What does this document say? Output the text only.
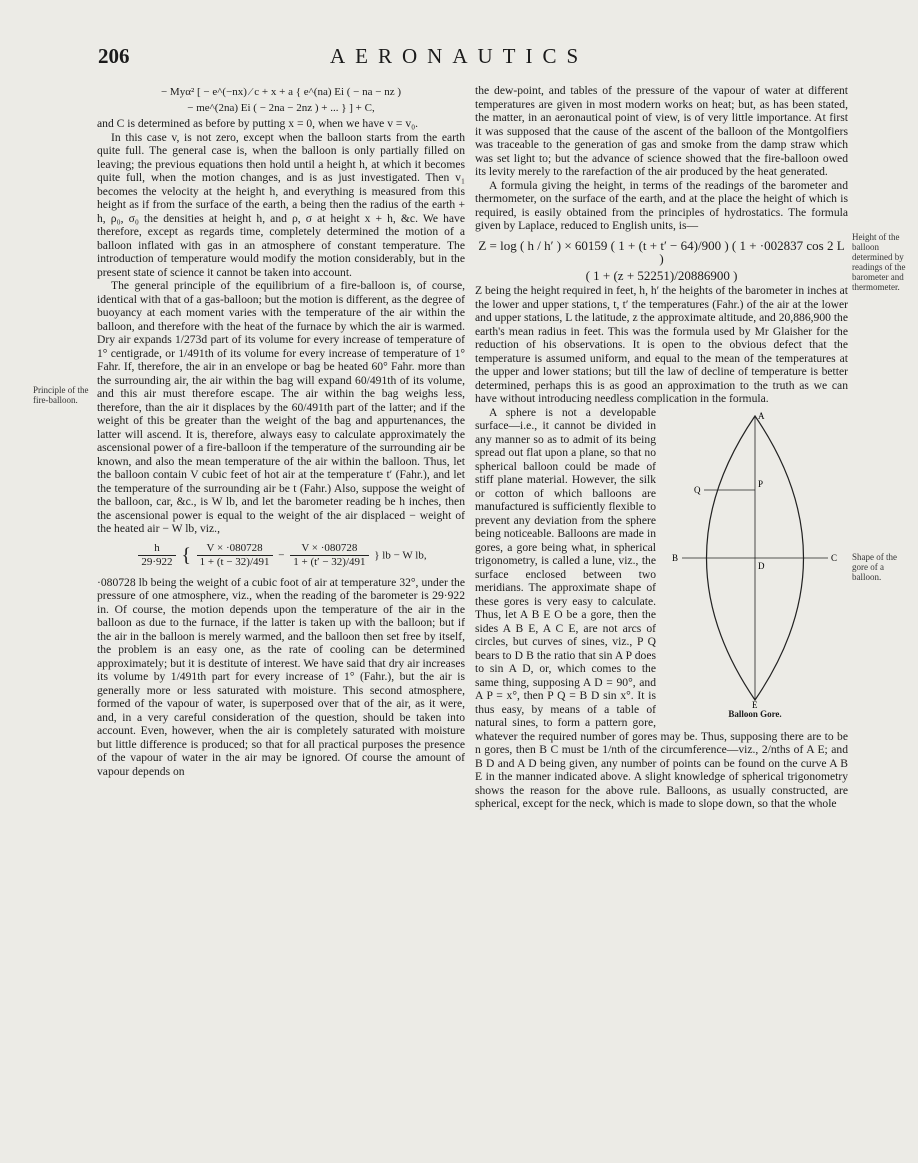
206	AERONAUTICS
− Myα² [ − e^(−nx) ⁄ c + x + a { e^(na) Ei ( − na − nz )
− me^(2na) Ei ( − 2na − 2nz ) + ... } ] + C,

and C is determined as before by putting x = 0, when we have v = v₀.

In this case v, is not zero, except when the balloon starts from the earth quite full. The general case is, when the balloon is only partially filled on leaving; the previous equations then hold until a height h, at which it becomes quite full, when the motion changes, and is as just investigated. Then v₁ becomes the velocity at the height h, and everything is measured from this height as if from the surface of the earth, a being then the radius of the earth + h, ρ₀, σ₀ the densities at height h, and ρ, σ at height x + h, &c. We have therefore, except as regards time, completely determined the motion of a balloon inflated with gas in an atmosphere of constant temperature. The introduction of temperature would modify the motion considerably, but in the present state of science it cannot be taken into account.

The general principle of the equilibrium of a fire-balloon is, of course, identical with that of a gas-balloon; but the motion is different, as the degree of buoyancy at each moment varies with the temperature of the air within the balloon, and therefore with the heat of the furnace by which the air is warmed. Dry air expands 1/273d part of its volume for every increase of temperature of 1° centigrade, or 1/491th of its volume for every increase of temperature of 1° Fahr. If, therefore, the air in an envelope or bag be heated 60° Fahr. more than the surrounding air, the air within the bag will expand 60/491th of its volume, and this air must therefore escape. The air within the bag weighs less, therefore, than the air it displaces by the 60/491th part of the latter; and if the weight of this be greater than the weight of the bag and appurtenances, the latter will ascend. It is, therefore, always easy to calculate approximately the ascensional power of a fire-balloon if the temperature of the surrounding air be known, and also the mean temperature of the air within the balloon. Thus, let the balloon contain V cubic feet of hot air at the temperature t′ (Fahr.), and let the temperature of the surrounding air be t (Fahr.) Also, suppose the weight of the balloon, car, &c., is W lb, and let the barometer reading be h inches, then the ascensional power is equal to the weight of the air displaced − weight of the heated air − W lb, viz.,

$\frac{h}{29\cdot 922}$ { $\frac{V \times \cdot 080728}{1 + (t - 32)/491} - \frac{V \times \cdot 080728}{1 + (t' - 32)/491}$ } lb − W lb,

·080728 lb being the weight of a cubic foot of air at temperature 32°, under the pressure of one atmosphere, viz., when the reading of the barometer is 29·922 in. Of course, the motion depends upon the temperature of the air in the balloon as due to the furnace, if the latter is taken up with the balloon; but if the air in the balloon is merely warmed, and the balloon then set free by itself, the problem is an easy one, as the rate of cooling can be determined approximately; but it is destitute of interest. We have said that dry air increases its volume by 1/491th part for every increase of 1° (Fahr.), but the air is generally more or less saturated with moisture. This second atmosphere, formed of the vapour of water, is superposed over that of the air, as it were, and, in a very careful consideration of the question, should be taken into account. Even, however, when the air is completely saturated with moisture but little difference is produced; so that for all practical purposes the presence of the vapour of water in the air may be ignored. Of course the amount of vapour depends on

the dew-point, and tables of the pressure of the vapour of water at different temperatures are given in most modern works on heat; but, as has been stated, the matter, in an aeronautical point of view, is of very little importance. At first it was supposed that the cause of the ascent of the balloon of the Montgolfiers was traceable to the generation of gas and smoke from the damp straw which was set light to; but the advance of science showed that the fire-balloon owed its levity merely to the rarefaction of the air produced by the heat generated.

A formula giving the height, in terms of the readings of the barometer and thermometer, on the surface of the earth, and at the place the height of which is required, is easily obtained from the principles of hydrostatics. The formula given by Laplace, reduced to English units, is—

Z = log ( h / h′ ) × 60159 ( 1 + (t + t′ − 64)/900 ) ( 1 + ·002837 cos 2 L )
( 1 + (z + 52251)/20886900 )

Z being the height required in feet, h, h′ the heights of the barometer in inches at the lower and upper stations, t, t′ the temperatures (Fahr.) of the air at the lower and upper stations, L the latitude, z the approximate altitude, and 20,886,900 the earth's mean radius in feet. This was the formula used by Mr Glaisher for the reduction of his observations. It is open to the obvious defect that the temperature is assumed uniform, and equal to the mean of the temperatures at the upper and lower stations; but till the law of decline of temperature is better determined, perhaps this is as good an approximation to the truth as we can have without introducing needless complication in the formula.

A
B	C
D
E
P
Q
Balloon Gore.

A sphere is not a developable surface—i.e., it cannot be divided in any manner so as to admit of its being spread out flat upon a plane, so that no spherical balloon could be made of stiff plane material. However, the silk or cotton of which balloons are manufactured is sufficiently flexible to prevent any deviation from the sphere being noticeable. Balloons are made in gores, a gore being what, in spherical trigonometry, is called a lune, viz., the surface enclosed between two meridians. The approximate shape of these gores is very easy to calculate. Thus, let A B E O be a gore, then the sides A B E, A C E, are not arcs of circles, but curves of sines, viz., P Q bears to D B the ratio that sin A P does to sin A D, or, which comes to the same thing, supposing A D = 90°, and A P = x°, then P Q = B D sin x°. It is thus easy, by means of a table of natural sines, to form a pattern gore, whatever the required number of gores may be. Thus, supposing there are to be n gores, then B C must be 1/nth of the circumference—viz., 2/nths of A E; and B D and A D being given, any number of points can be found on the curve A B E in the manner indicated above. A slight knowledge of spherical trigonometry shows the reason for the above rule. Balloons, as usually constructed, are spherical, except for the neck, which is made to slope down, so that the whole

Principle of the fire-balloon.
Height of the balloon determined by readings of the barometer and thermometer.
Shape of the gore of a balloon.
